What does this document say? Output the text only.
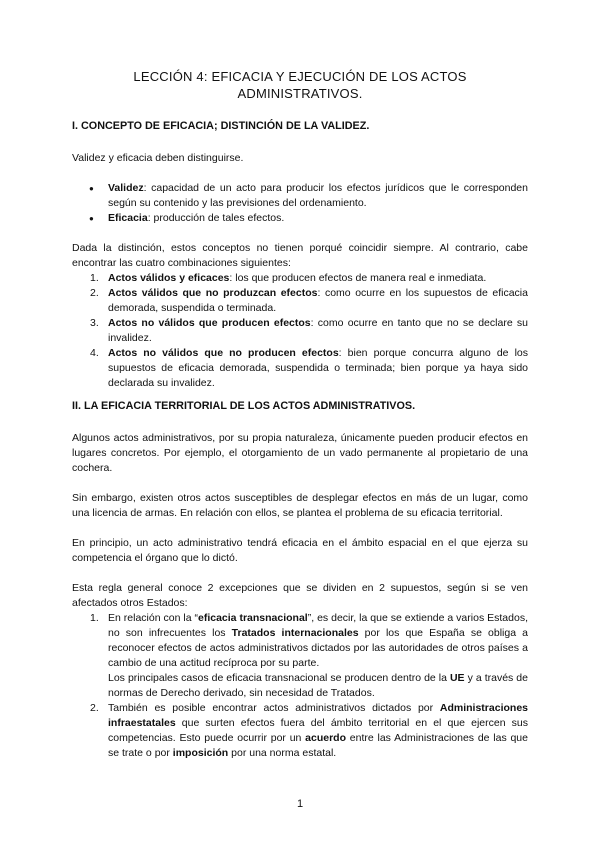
LECCIÓN 4: EFICACIA Y EJECUCIÓN DE LOS ACTOS
ADMINISTRATIVOS.
I. CONCEPTO DE EFICACIA; DISTINCIÓN DE LA VALIDEZ.

Validez y eficacia deben distinguirse.

● Validez: capacidad de un acto para producir los efectos jurídicos que le corresponden según su contenido y las previsiones del ordenamiento.
● Eficacia: producción de tales efectos.

Dada la distinción, estos conceptos no tienen porqué coincidir siempre. Al contrario, cabe encontrar las cuatro combinaciones siguientes:

1. Actos válidos y eficaces: los que producen efectos de manera real e inmediata.
2. Actos válidos que no produzcan efectos: como ocurre en los supuestos de eficacia demorada, suspendida o terminada.
3. Actos no válidos que producen efectos: como ocurre en tanto que no se declare su invalidez.
4. Actos no válidos que no producen efectos: bien porque concurra alguno de los supuestos de eficacia demorada, suspendida o terminada; bien porque ya haya sido declarada su invalidez.
II. LA EFICACIA TERRITORIAL DE LOS ACTOS ADMINISTRATIVOS.

Algunos actos administrativos, por su propia naturaleza, únicamente pueden producir efectos en lugares concretos. Por ejemplo, el otorgamiento de un vado permanente al propietario de una cochera.

Sin embargo, existen otros actos susceptibles de desplegar efectos en más de un lugar, como una licencia de armas. En relación con ellos, se plantea el problema de su eficacia territorial.

En principio, un acto administrativo tendrá eficacia en el ámbito espacial en el que ejerza su competencia el órgano que lo dictó.

Esta regla general conoce 2 excepciones que se dividen en 2 supuestos, según si se ven afectados otros Estados:

1. En relación con la “eficacia transnacional”, es decir, la que se extiende a varios Estados, no son infrecuentes los Tratados internacionales por los que España se obliga a reconocer efectos de actos administrativos dictados por las autoridades de otros países a cambio de una actitud recíproca por su parte.
Los principales casos de eficacia transnacional se producen dentro de la UE y a través de normas de Derecho derivado, sin necesidad de Tratados.
2. También es posible encontrar actos administrativos dictados por Administraciones infraestatales que surten efectos fuera del ámbito territorial en el que ejercen sus competencias. Esto puede ocurrir por un acuerdo entre las Administraciones de las que se trate o por imposición por una norma estatal.
1
